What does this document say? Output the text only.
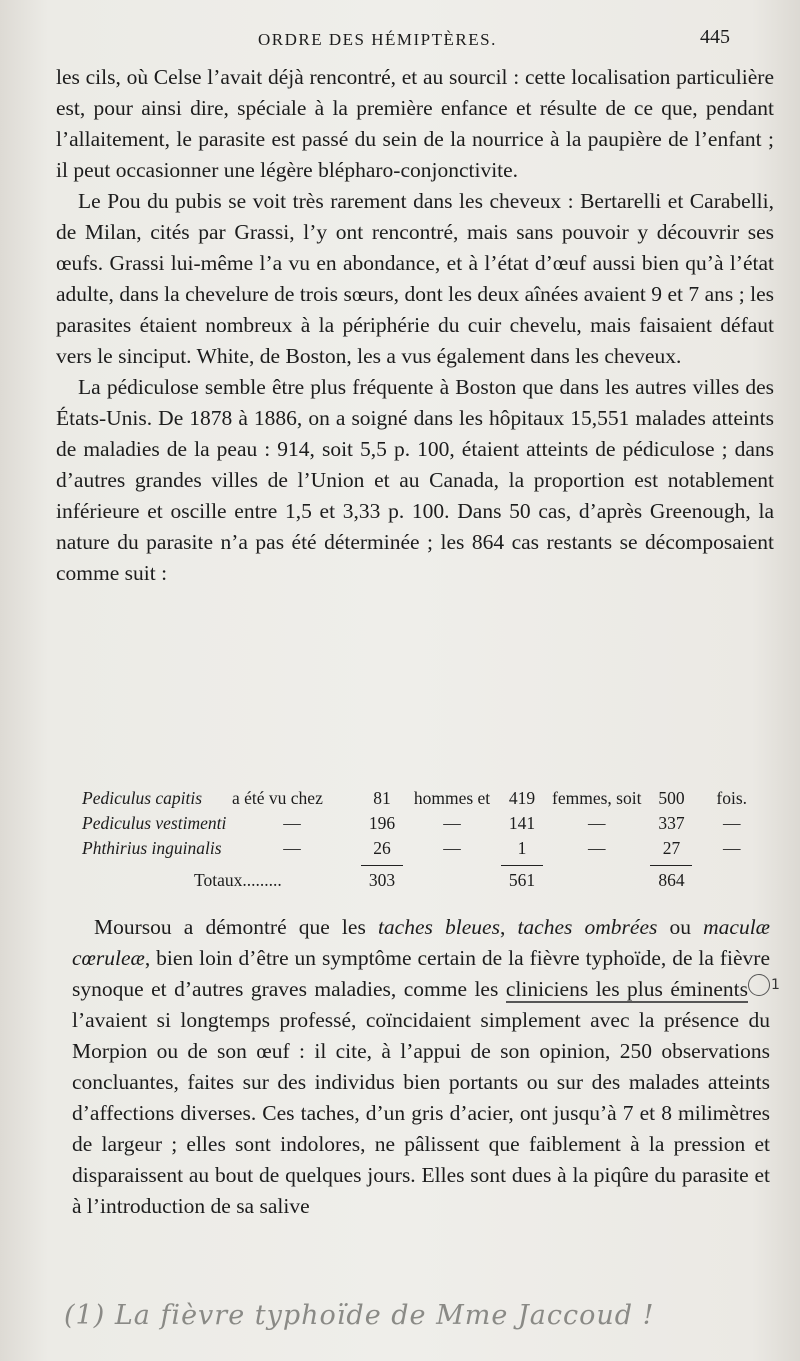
ORDRE DES HÉMIPTÈRES.	445

les cils, où Celse l’avait déjà rencontré, et au sourcil : cette localisation particulière est, pour ainsi dire, spéciale à la première enfance et résulte de ce que, pendant l’allaitement, le parasite est passé du sein de la nourrice à la paupière de l’enfant ; il peut occasionner une légère blépharo-conjonctivite.

Le Pou du pubis se voit très rarement dans les cheveux : Bertarelli et Carabelli, de Milan, cités par Grassi, l’y ont rencontré, mais sans pouvoir y découvrir ses œufs. Grassi lui-même l’a vu en abondance, et à l’état d’œuf aussi bien qu’à l’état adulte, dans la chevelure de trois sœurs, dont les deux aînées avaient 9 et 7 ans ; les parasites étaient nombreux à la périphérie du cuir chevelu, mais faisaient défaut vers le sinciput. White, de Boston, les a vus également dans les cheveux.

La pédiculose semble être plus fréquente à Boston que dans les autres villes des États-Unis. De 1878 à 1886, on a soigné dans les hôpitaux 15,551 malades atteints de maladies de la peau : 914, soit 5,5 p. 100, étaient atteints de pédiculose ; dans d’autres grandes villes de l’Union et au Canada, la proportion est notablement inférieure et oscille entre 1,5 et 3,33 p. 100. Dans 50 cas, d’après Greenough, la nature du parasite n’a pas été déterminée ; les 864 cas restants se décomposaient comme suit :

Pediculus capitis	a été vu chez	81	hommes et	419	femmes, soit	500	fois.
Pediculus vestimenti	—	196	—	141	—	337	—
Phthirius inguinalis	—	26	—	1	—	27	—
Totaux.........		303		561		864	

Moursou a démontré que les taches bleues, taches ombrées ou maculæ cœruleæ, bien loin d’être un symptôme certain de la fièvre typhoïde, de la fièvre synoque et d’autres graves maladies, comme les cliniciens les plus éminents 1 l’avaient si longtemps professé, coïncidaient simplement avec la présence du Morpion ou de son œuf : il cite, à l’appui de son opinion, 250 observations concluantes, faites sur des individus bien portants ou sur des malades atteints d’affections diverses. Ces taches, d’un gris d’acier, ont jusqu’à 7 et 8 milimètres de largeur ; elles sont indolores, ne pâlissent que faiblement à la pression et disparaissent au bout de quelques jours. Elles sont dues à la piqûre du parasite et à l’introduction de sa salive

(1) La fièvre typhoïde de Mme Jaccoud !
